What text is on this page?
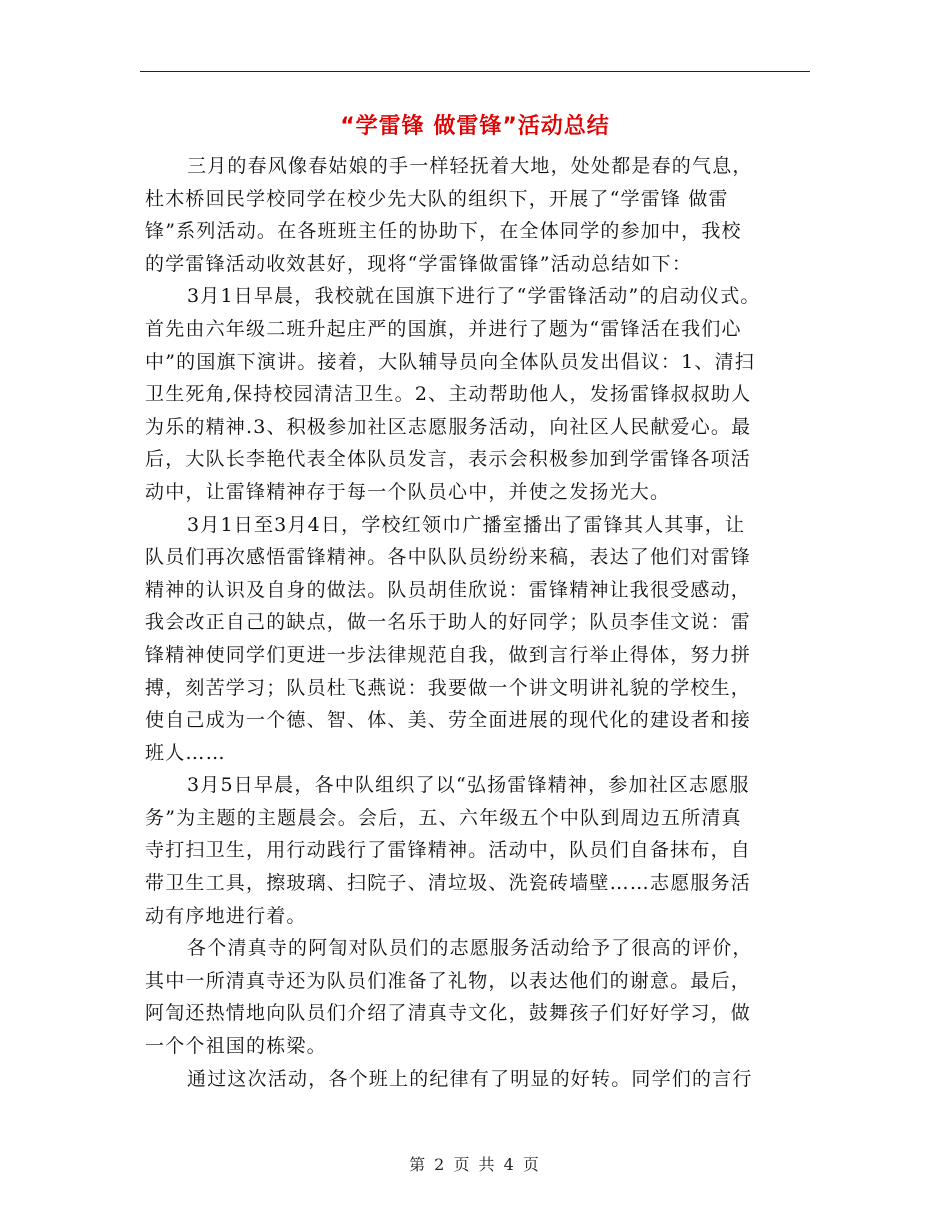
“学雷锋 做雷锋”活动总结
三月的春风像春姑娘的手一样轻抚着大地，处处都是春的气息，
杜木桥回民学校同学在校少先大队的组织下，开展了“学雷锋 做雷
锋”系列活动。在各班班主任的协助下，在全体同学的参加中，我校
的学雷锋活动收效甚好，现将“学雷锋做雷锋”活动总结如下：
3月1日早晨，我校就在国旗下进行了“学雷锋活动”的启动仪式。
首先由六年级二班升起庄严的国旗，并进行了题为“雷锋活在我们心
中”的国旗下演讲。接着，大队辅导员向全体队员发出倡议：1、清扫
卫生死角,保持校园清洁卫生。2、主动帮助他人，发扬雷锋叔叔助人
为乐的精神.3、积极参加社区志愿服务活动，向社区人民献爱心。最
后，大队长李艳代表全体队员发言，表示会积极参加到学雷锋各项活
动中，让雷锋精神存于每一个队员心中，并使之发扬光大。
3月1日至3月4日，学校红领巾广播室播出了雷锋其人其事，让
队员们再次感悟雷锋精神。各中队队员纷纷来稿，表达了他们对雷锋
精神的认识及自身的做法。队员胡佳欣说：雷锋精神让我很受感动，
我会改正自己的缺点，做一名乐于助人的好同学；队员李佳文说：雷
锋精神使同学们更进一步法律规范自我，做到言行举止得体，努力拼
搏，刻苦学习；队员杜飞燕说：我要做一个讲文明讲礼貌的学校生，
使自己成为一个德、智、体、美、劳全面进展的现代化的建设者和接
班人……
3月5日早晨，各中队组织了以“弘扬雷锋精神，参加社区志愿服
务”为主题的主题晨会。会后，五、六年级五个中队到周边五所清真
寺打扫卫生，用行动践行了雷锋精神。活动中，队员们自备抹布，自
带卫生工具，擦玻璃、扫院子、清垃圾、洗瓷砖墙壁……志愿服务活
动有序地进行着。
各个清真寺的阿訇对队员们的志愿服务活动给予了很高的评价，
其中一所清真寺还为队员们准备了礼物，以表达他们的谢意。最后，
阿訇还热情地向队员们介绍了清真寺文化，鼓舞孩子们好好学习，做
一个个祖国的栋梁。
通过这次活动，各个班上的纪律有了明显的好转。同学们的言行
第 2 页 共 4 页
